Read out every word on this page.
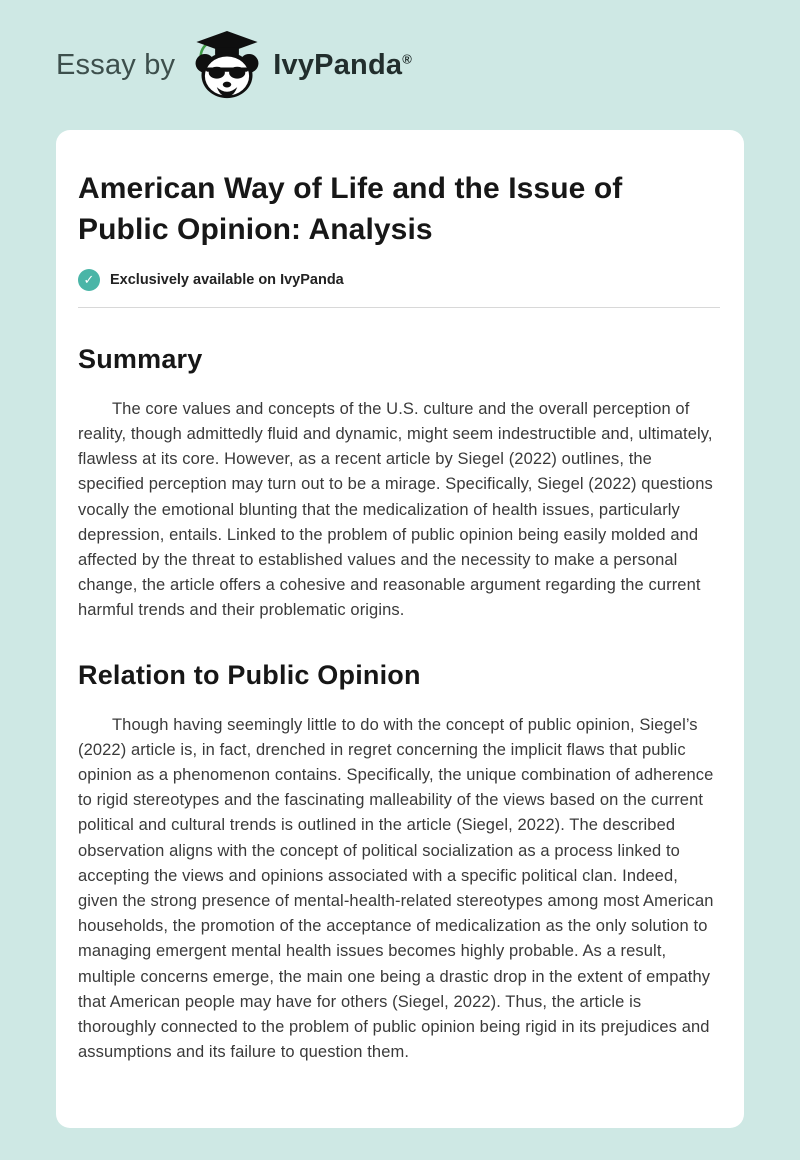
Essay by	IvyPanda®
American Way of Life and the Issue of Public Opinion: Analysis
✓	Exclusively available on IvyPanda
Summary

The core values and concepts of the U.S. culture and the overall perception of reality, though admittedly fluid and dynamic, might seem indestructible and, ultimately, flawless at its core. However, as a recent article by Siegel (2022) outlines, the specified perception may turn out to be a mirage. Specifically, Siegel (2022) questions vocally the emotional blunting that the medicalization of health issues, particularly depression, entails. Linked to the problem of public opinion being easily molded and affected by the threat to established values and the necessity to make a personal change, the article offers a cohesive and reasonable argument regarding the current harmful trends and their problematic origins.

Relation to Public Opinion

Though having seemingly little to do with the concept of public opinion, Siegel’s (2022) article is, in fact, drenched in regret concerning the implicit flaws that public opinion as a phenomenon contains. Specifically, the unique combination of adherence to rigid stereotypes and the fascinating malleability of the views based on the current political and cultural trends is outlined in the article (Siegel, 2022). The described observation aligns with the concept of political socialization as a process linked to accepting the views and opinions associated with a specific political clan. Indeed, given the strong presence of mental-health-related stereotypes among most American households, the promotion of the acceptance of medicalization as the only solution to managing emergent mental health issues becomes highly probable. As a result, multiple concerns emerge, the main one being a drastic drop in the extent of empathy that American people may have for others (Siegel, 2022). Thus, the article is thoroughly connected to the problem of public opinion being rigid in its prejudices and assumptions and its failure to question them.
